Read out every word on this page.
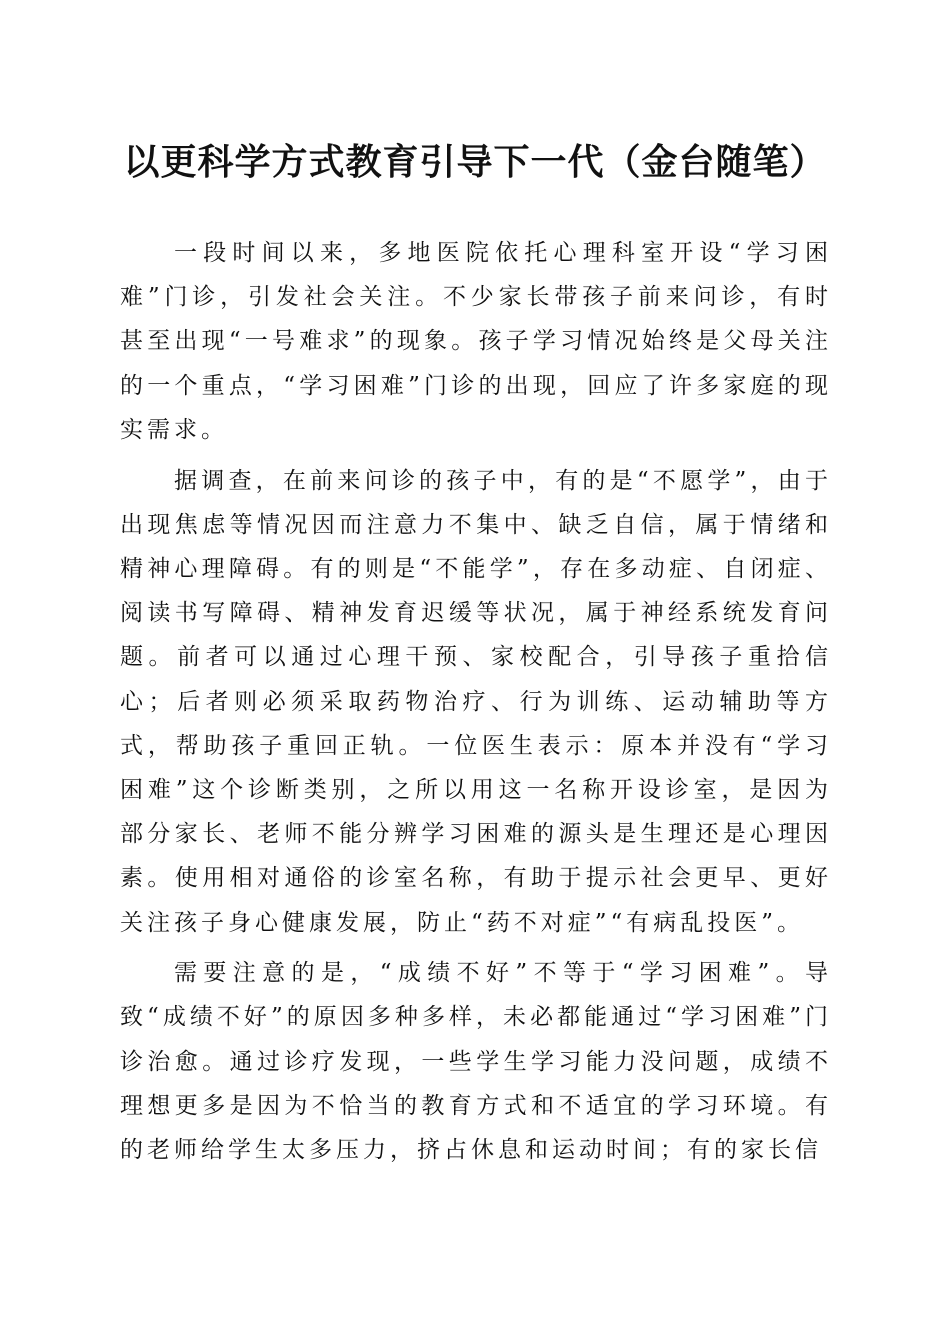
以更科学方式教育引导下一代（金台随笔）

一段时间以来，多地医院依托心理科室开设“学习困难”门诊，引发社会关注。不少家长带孩子前来问诊，有时甚至出现“一号难求”的现象。孩子学习情况始终是父母关注的一个重点，“学习困难”门诊的出现，回应了许多家庭的现实需求。

据调查，在前来问诊的孩子中，有的是“不愿学”，由于出现焦虑等情况因而注意力不集中、缺乏自信，属于情绪和精神心理障碍。有的则是“不能学”，存在多动症、自闭症、阅读书写障碍、精神发育迟缓等状况，属于神经系统发育问题。前者可以通过心理干预、家校配合，引导孩子重拾信心；后者则必须采取药物治疗、行为训练、运动辅助等方式，帮助孩子重回正轨。一位医生表示：原本并没有“学习困难”这个诊断类别，之所以用这一名称开设诊室，是因为部分家长、老师不能分辨学习困难的源头是生理还是心理因素。使用相对通俗的诊室名称，有助于提示社会更早、更好关注孩子身心健康发展，防止“药不对症”“有病乱投医”。

需要注意的是，“成绩不好”不等于“学习困难”。导致“成绩不好”的原因多种多样，未必都能通过“学习困难”门诊治愈。通过诊疗发现，一些学生学习能力没问题，成绩不理想更多是因为不恰当的教育方式和不适宜的学习环境。有的老师给学生太多压力，挤占休息和运动时间；有的家长信
